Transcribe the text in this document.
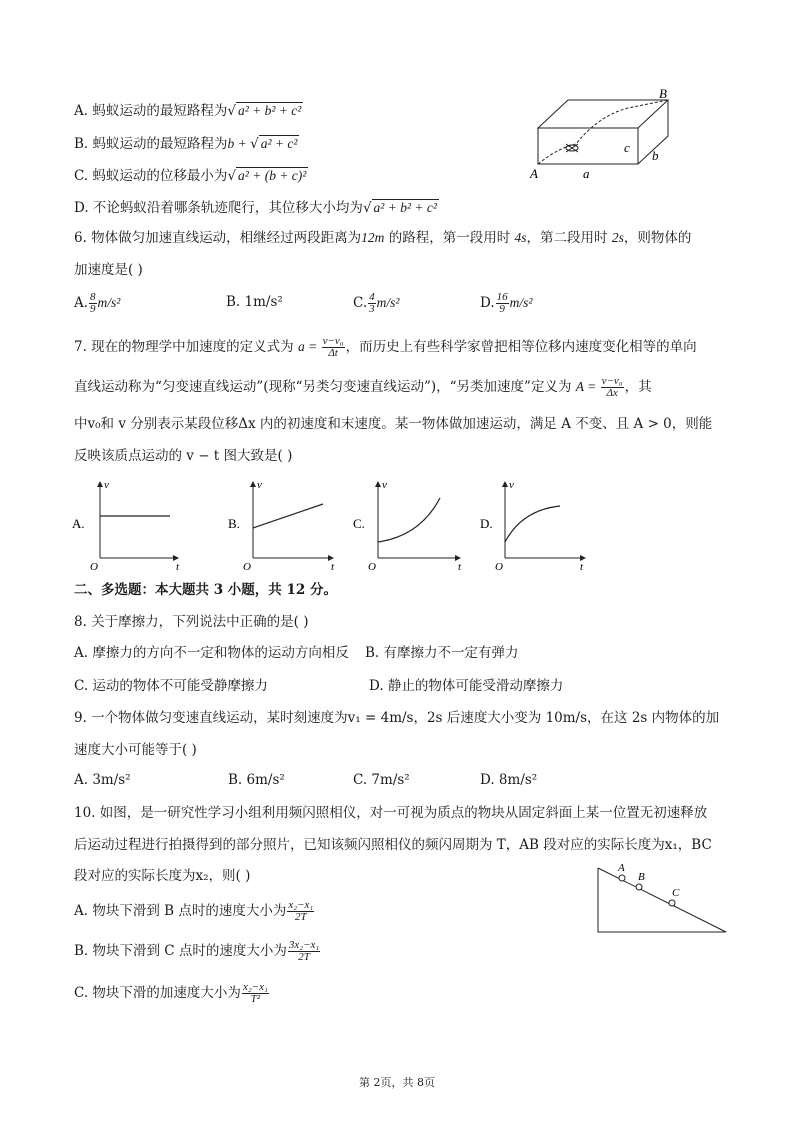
A. 蚂蚁运动的最短路程为√ a² + b² + c²
B. 蚂蚁运动的最短路程为b + √ a² + c²
C. 蚂蚁运动的位移最小为√ a² + (b + c)²
D. 不论蚂蚁沿着哪条轨迹爬行，其位移大小均为√ a² + b² + c²
A
B
a
b
c
6. 物体做匀加速直线运动，相继经过两段距离为12m 的路程，第一段用时 4s，第二段用时 2s，则物体的
加速度是( )
A. $\frac{8}{9} m/s^2$	B. 1m/s²	C. $\frac{4}{3} m/s^2$	D. $\frac{16}{9} m/s^2$
7. 现在的物理学中加速度的定义式为 $a = \frac{\text{v−v₀}}{\Delta t}$ ，而历史上有些科学家曾把相等位移内速度变化相等的单向
直线运动称为“匀变速直线运动”(现称“另类匀变速直线运动”)，“另类加速度”定义为 $A = \frac{\text{v−v₀}}{\Delta x}$ ，其
中v₀和 v 分别表示某段位移Δx 内的初速度和末速度。某一物体做加速运动，满足 A 不变、且 A > 0，则能
反映该质点运动的 v − t 图大致是( )
A.
v
t
O
B.
v
t
O
C.
v
t
O
D.
v
t
O
二、多选题：本大题共 3 小题，共 12 分。
8. 关于摩擦力，下列说法中正确的是( )
A. 摩擦力的方向不一定和物体的运动方向相反 B. 有摩擦力不一定有弹力
C. 运动的物体不可能受静摩擦力	D. 静止的物体可能受滑动摩擦力
9. 一个物体做匀变速直线运动，某时刻速度为v₁ = 4m/s，2s 后速度大小变为 10m/s，在这 2s 内物体的加
速度大小可能等于( )
A. 3m/s²	B. 6m/s²	C. 7m/s²	D. 8m/s²
10. 如图，是一研究性学习小组利用频闪照相仪，对一可视为质点的物块从固定斜面上某一位置无初速释放
后运动过程进行拍摄得到的部分照片，已知该频闪照相仪的频闪周期为 T，AB 段对应的实际长度为x₁，BC
段对应的实际长度为x₂，则( )
A. 物块下滑到 B 点时的速度大小为 $\frac{\text{x₂−x₁}}{2T}$
B. 物块下滑到 C 点时的速度大小为 $\frac{\text{3x₂−x₁}}{2T}$
C. 物块下滑的加速度大小为 $\frac{\text{x₂−x₁}}{\text{T²}}$
A
B
C
第 2页，共 8页
